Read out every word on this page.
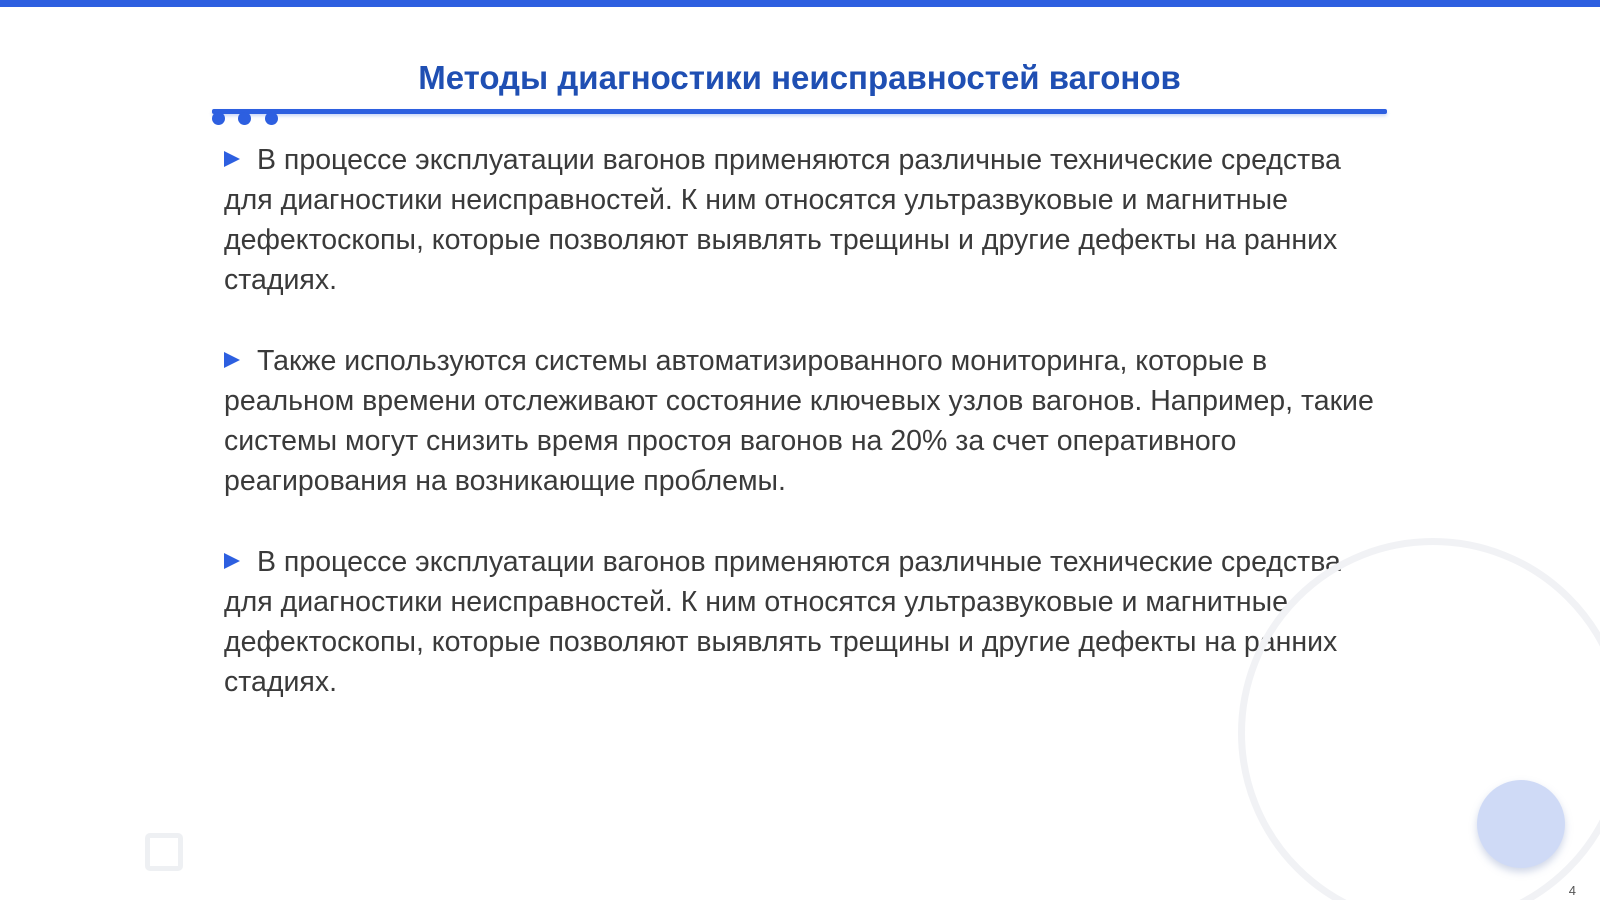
Методы диагностики неисправностей вагонов

В процессе эксплуатации вагонов применяются различные технические средства для диагностики неисправностей. К ним относятся ультразвуковые и магнитные дефектоскопы, которые позволяют выявлять трещины и другие дефекты на ранних стадиях.

Также используются системы автоматизированного мониторинга, которые в реальном времени отслеживают состояние ключевых узлов вагонов. Например, такие системы могут снизить время простоя вагонов на 20% за счет оперативного реагирования на возникающие проблемы.

В процессе эксплуатации вагонов применяются различные технические средства для диагностики неисправностей. К ним относятся ультразвуковые и магнитные дефектоскопы, которые позволяют выявлять трещины и другие дефекты на ранних стадиях.

4
